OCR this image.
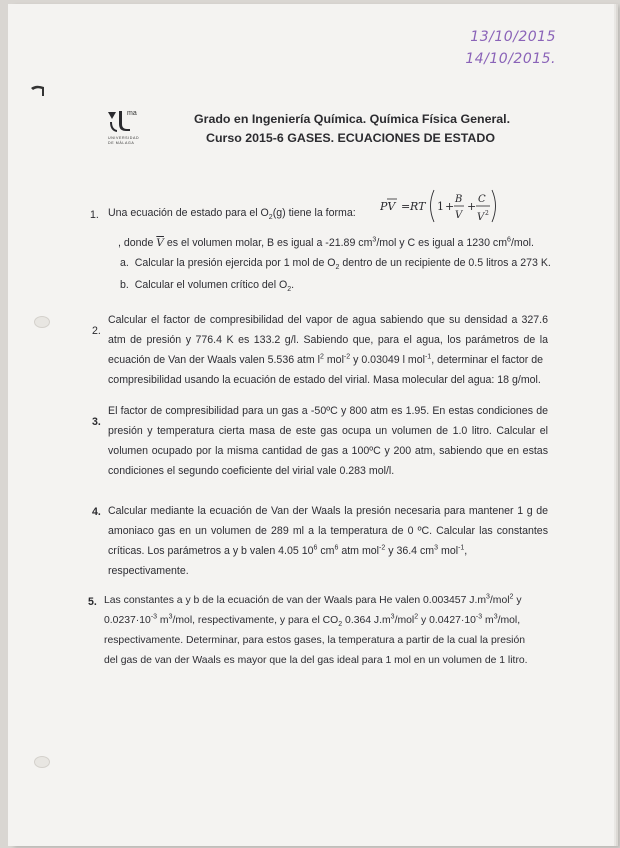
13/10/2015
14/10/2015.
ma
UNIVERSIDAD
DE MÁLAGA
Grado en Ingeniería Química. Química Física General.
Curso 2015-6 GASES. ECUACIONES DE ESTADO
1. Una ecuación de estado para el $O_2(g)$ tiene la forma: PV = RT 1 +
B
V
+
C
V 2
, donde $\overline{V}$ es el volumen molar, B es igual a -21.89 $cm^3$/mol y C es igual a 1230 $cm^6$/mol.
a. Calcular la presión ejercida por 1 mol de $O_2$ dentro de un recipiente de 0.5 litros a 273 K.
b. Calcular el volumen crítico del $O_2$.
2.
Calcular el factor de compresibilidad del vapor de agua sabiendo que su densidad a 327.6
atm de presión y 776.4 K es 133.2 g/l. Sabiendo que, para el agua, los parámetros de la
ecuación de Van der Waals valen 5.536 atm $l^2$ mol$^{-2}$ y 0.03049 l mol$^{-1}$, determinar el factor de
compresibilidad usando la ecuación de estado del virial. Masa molecular del agua: 18 g/mol.
3.
El factor de compresibilidad para un gas a -50ºC y 800 atm es 1.95. En estas condiciones de
presión y temperatura cierta masa de este gas ocupa un volumen de 1.0 litro. Calcular el
volumen ocupado por la misma cantidad de gas a 100ºC y 200 atm, sabiendo que en estas
condiciones el segundo coeficiente del virial vale 0.283 mol/l.
4. Calcular mediante la ecuación de Van der Waals la presión necesaria para mantener 1 g de
amoniaco gas en un volumen de 289 ml a la temperatura de 0 ºC. Calcular las constantes
críticas. Los parámetros a y b valen 4.05 $10^6$ $cm^6$ atm mol$^{-2}$ y 36.4 $cm^3$ mol$^{-1}$,
respectivamente.
5. Las constantes a y b de la ecuación de van der Waals para He valen 0.003457 $J.m^3/mol^2$ y
$0.0237\cdot 10^{-3}$ $m^3$/mol, respectivamente, y para el $CO_2$ 0.364 $J.m^3/mol^2$ y $0.0427\cdot 10^{-3}$ $m^3$/mol,
respectivamente. Determinar, para estos gases, la temperatura a partir de la cual la presión
del gas de van der Waals es mayor que la del gas ideal para 1 mol en un volumen de 1 litro.
